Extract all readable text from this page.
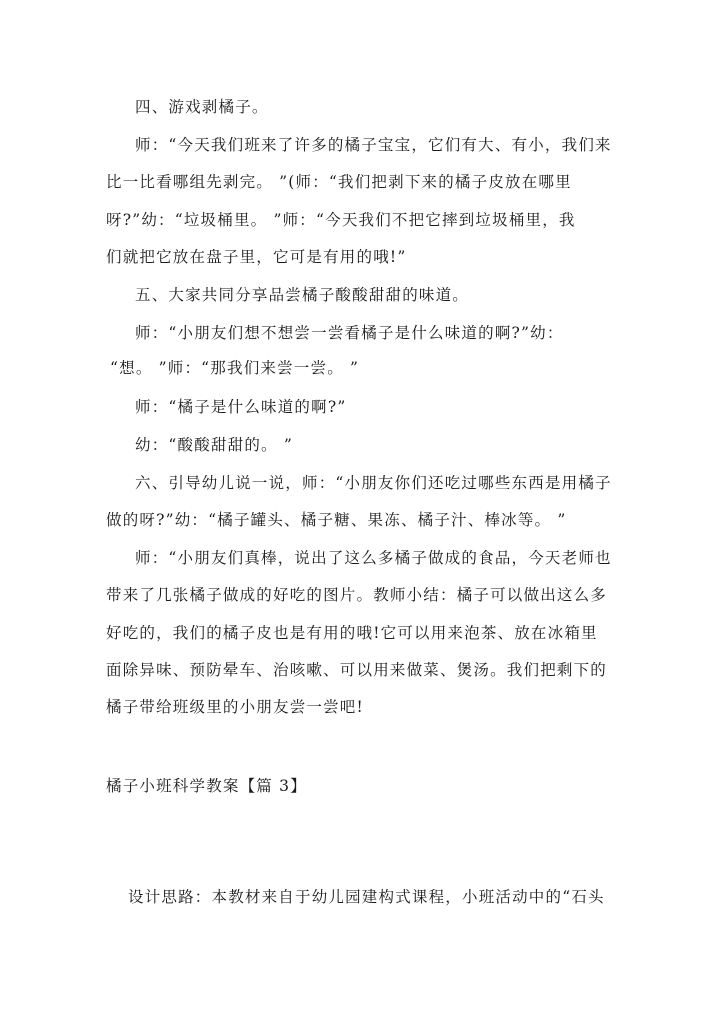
四、游戏剥橘子。
师：“今天我们班来了许多的橘子宝宝，它们有大、有小，我们来
比一比看哪组先剥完。 ”(师：“我们把剥下来的橘子皮放在哪里
呀?”幼：“垃圾桶里。 ”师：“今天我们不把它摔到垃圾桶里，我
们就把它放在盘子里，它可是有用的哦!”
五、大家共同分享品尝橘子酸酸甜甜的味道。
师：“小朋友们想不想尝一尝看橘子是什么味道的啊?”幼：
“想。 ”师：“那我们来尝一尝。 ”
师：“橘子是什么味道的啊?”
幼：“酸酸甜甜的。 ”
六、引导幼儿说一说，师：“小朋友你们还吃过哪些东西是用橘子
做的呀?”幼：“橘子罐头、橘子糖、果冻、橘子汁、棒冰等。 ”
师：“小朋友们真棒，说出了这么多橘子做成的食品，今天老师也
带来了几张橘子做成的好吃的图片。教师小结：橘子可以做出这么多
好吃的，我们的橘子皮也是有用的哦!它可以用来泡茶、放在冰箱里
面除异味、预防晕车、治咳嗽、可以用来做菜、煲汤。我们把剩下的
橘子带给班级里的小朋友尝一尝吧!
橘子小班科学教案【篇 3】
设计思路：本教材来自于幼儿园建构式课程，小班活动中的“石头
